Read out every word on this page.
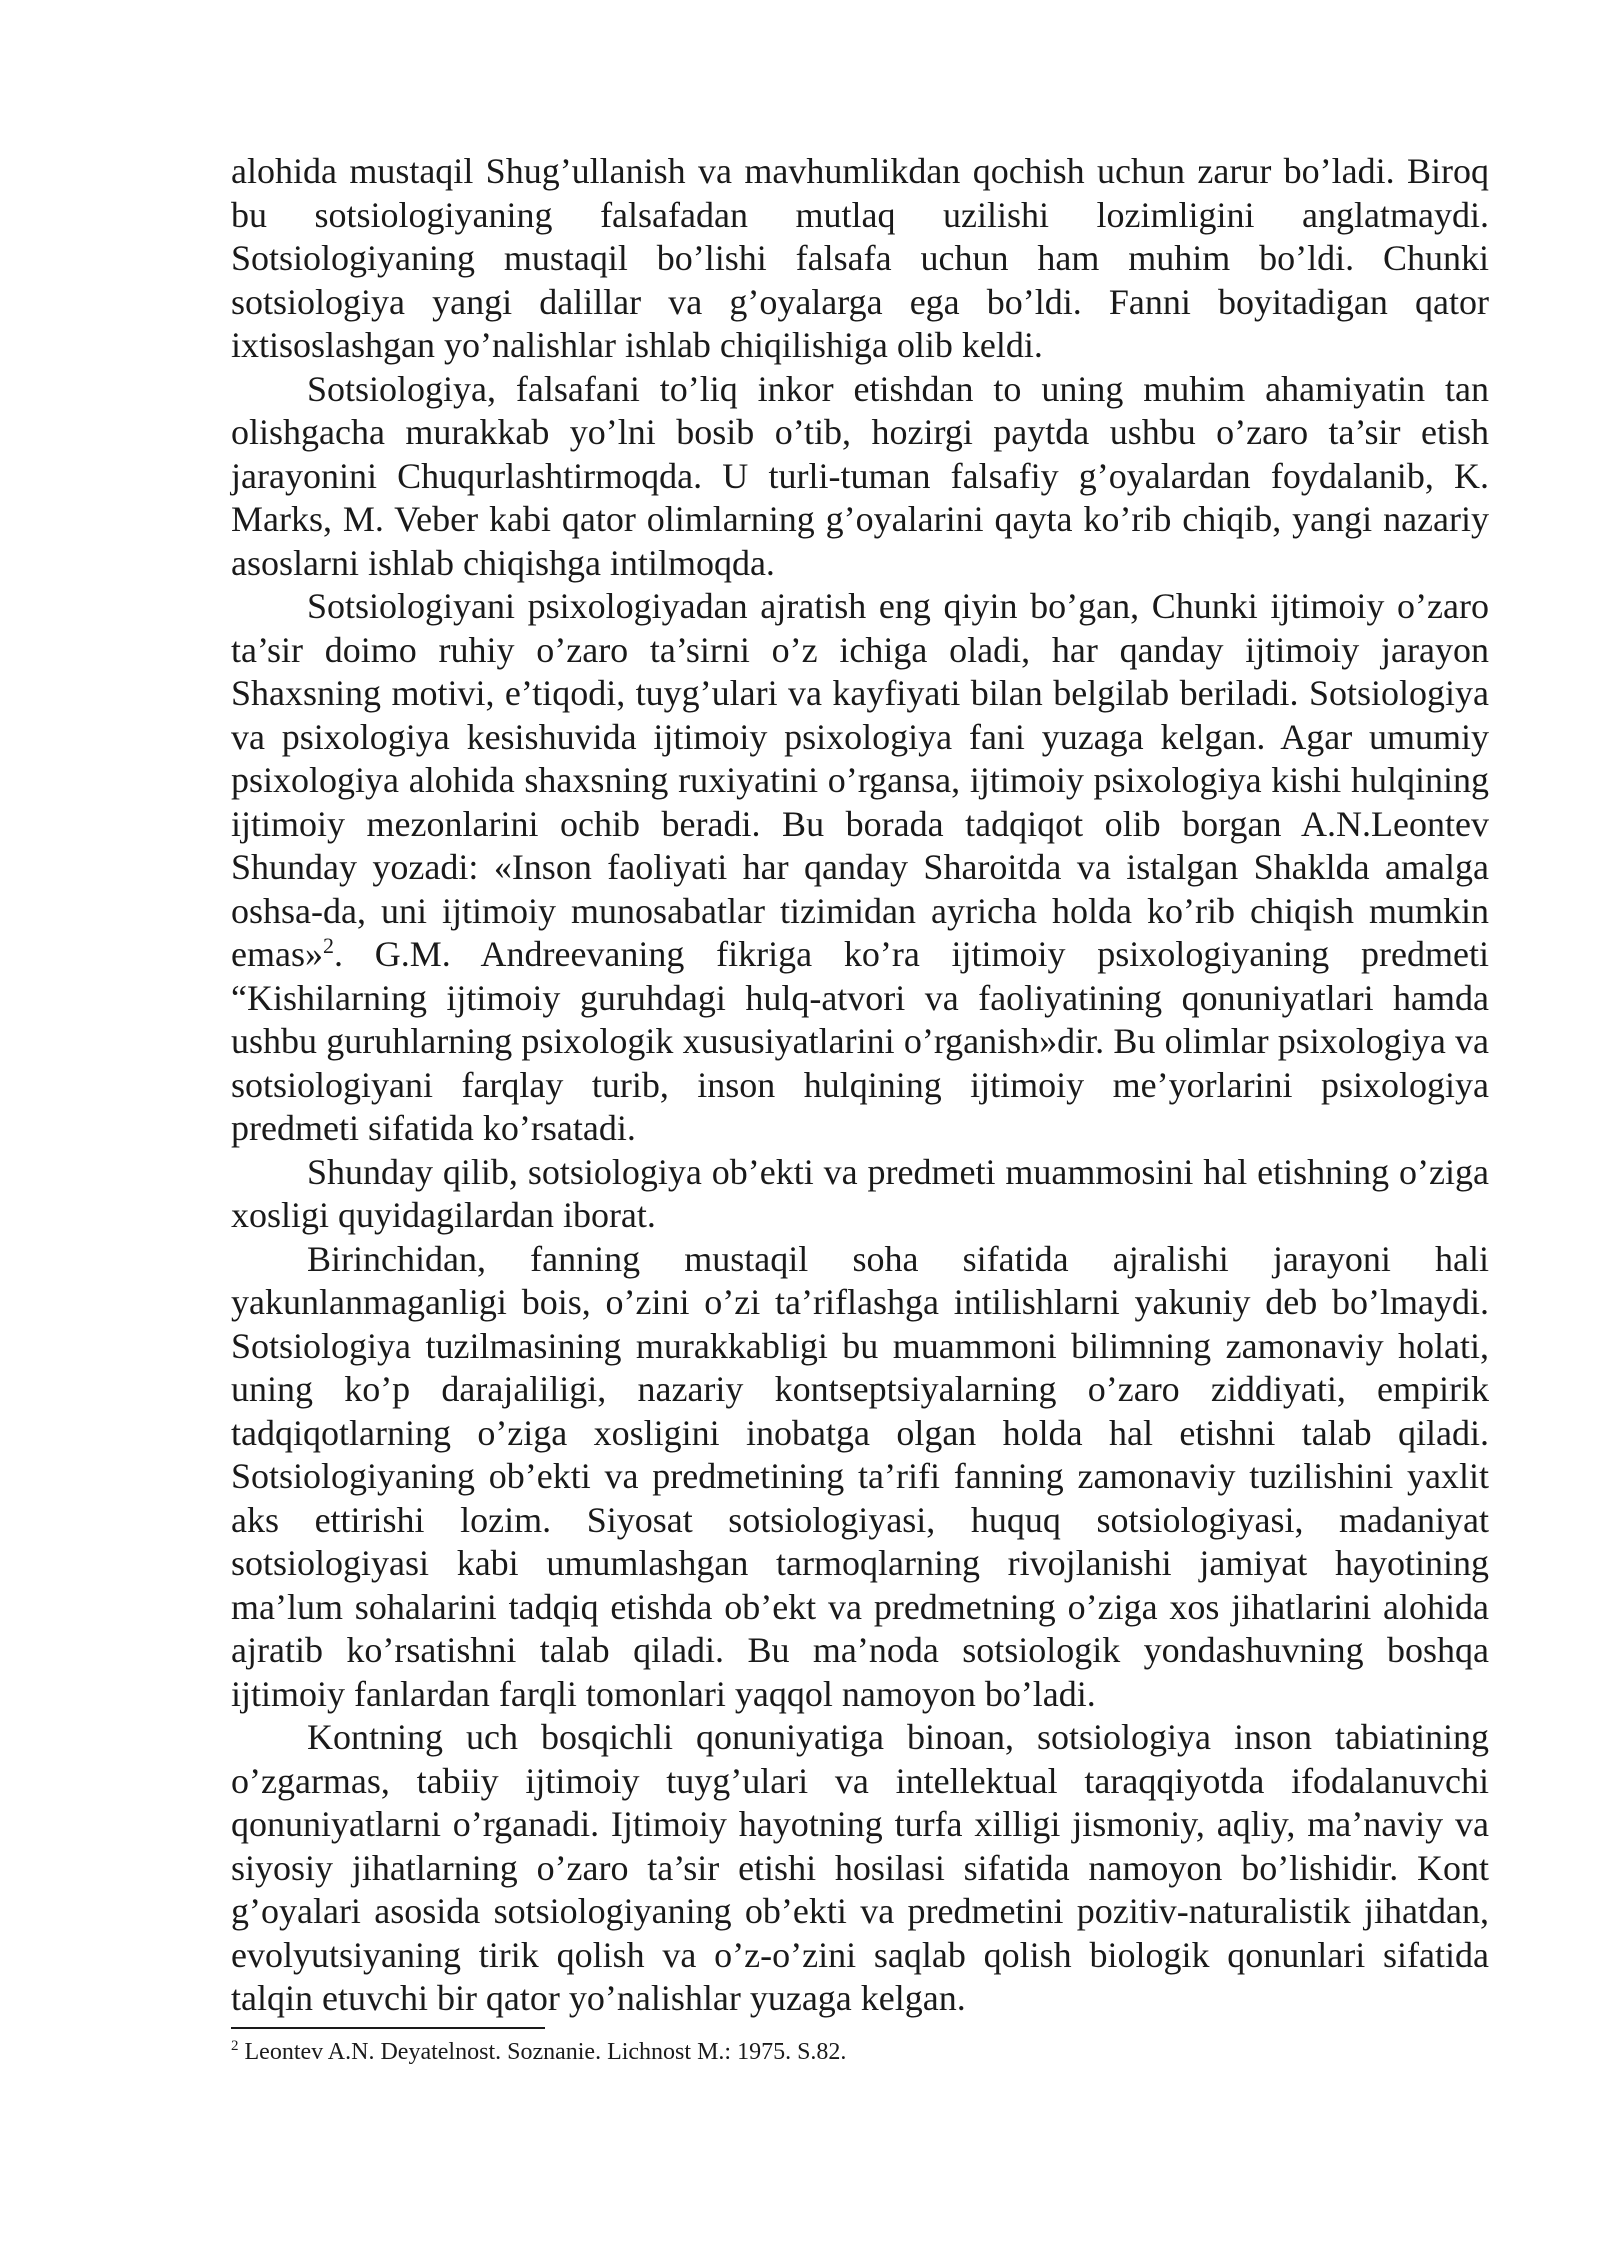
alohida mustaqil Shug’ullanish va mavhumlikdan qochish uchun zarur bo’ladi. Biroq bu sotsiologiyaning falsafadan mutlaq uzilishi lozimligini anglatmaydi. Sotsiologiyaning mustaqil bo’lishi falsafa uchun ham muhim bo’ldi. Chunki sotsiologiya yangi dalillar va g’oyalarga ega bo’ldi. Fanni boyitadigan qator ixtisoslashgan yo’nalishlar ishlab chiqilishiga olib keldi.

Sotsiologiya, falsafani to’liq inkor etishdan to uning muhim ahamiyatin tan olishgacha murakkab yo’lni bosib o’tib, hozirgi paytda ushbu o’zaro ta’sir etish jarayonini Chuqurlashtirmoqda. U turli-tuman falsafiy g’oyalardan foydalanib, K. Marks, M. Veber kabi qator olimlarning g’oyalarini qayta ko’rib chiqib, yangi nazariy asoslarni ishlab chiqishga intilmoqda.

Sotsiologiyani psixologiyadan ajratish eng qiyin bo’gan, Chunki ijtimoiy o’zaro ta’sir doimo ruhiy o’zaro ta’sirni o’z ichiga oladi, har qanday ijtimoiy jarayon Shaxsning motivi, e’tiqodi, tuyg’ulari va kayfiyati bilan belgilab beriladi. Sotsiologiya va psixologiya kesishuvida ijtimoiy psixologiya fani yuzaga kelgan. Agar umumiy psixologiya alohida shaxsning ruxiyatini o’rgansa, ijtimoiy psixologiya kishi hulqining ijtimoiy mezonlarini ochib beradi. Bu borada tadqiqot olib borgan A.N.Leontev Shunday yozadi: «Inson faoliyati har qanday Sharoitda va istalgan Shaklda amalga oshsa-da, uni ijtimoiy munosabatlar tizimidan ayricha holda ko’rib chiqish mumkin emas»$^2$. G.M. Andreevaning fikriga ko’ra ijtimoiy psixologiyaning predmeti “Kishilarning ijtimoiy guruhdagi hulq-atvori va faoliyatining qonuniyatlari hamda ushbu guruhlarning psixologik xususiyatlarini o’rganish»dir. Bu olimlar psixologiya va sotsiologiyani farqlay turib, inson hulqining ijtimoiy me’yorlarini psixologiya predmeti sifatida ko’rsatadi.

Shunday qilib, sotsiologiya ob’ekti va predmeti muammosini hal etishning o’ziga xosligi quyidagilardan iborat.

Birinchidan, fanning mustaqil soha sifatida ajralishi jarayoni hali yakunlanmaganligi bois, o’zini o’zi ta’riflashga intilishlarni yakuniy deb bo’lmaydi. Sotsiologiya tuzilmasining murakkabligi bu muammoni bilimning zamonaviy holati, uning ko’p darajaliligi, nazariy kontseptsiyalarning o’zaro ziddiyati, empirik tadqiqotlarning o’ziga xosligini inobatga olgan holda hal etishni talab qiladi. Sotsiologiyaning ob’ekti va predmetining ta’rifi fanning zamonaviy tuzilishini yaxlit aks ettirishi lozim. Siyosat sotsiologiyasi, huquq sotsiologiyasi, madaniyat sotsiologiyasi kabi umumlashgan tarmoqlarning rivojlanishi jamiyat hayotining ma’lum sohalarini tadqiq etishda ob’ekt va predmetning o’ziga xos jihatlarini alohida ajratib ko’rsatishni talab qiladi. Bu ma’noda sotsiologik yondashuvning boshqa ijtimoiy fanlardan farqli tomonlari yaqqol namoyon bo’ladi.

Kontning uch bosqichli qonuniyatiga binoan, sotsiologiya inson tabiatining o’zgarmas, tabiiy ijtimoiy tuyg’ulari va intellektual taraqqiyotda ifodalanuvchi qonuniyatlarni o’rganadi. Ijtimoiy hayotning turfa xilligi jismoniy, aqliy, ma’naviy va siyosiy jihatlarning o’zaro ta’sir etishi hosilasi sifatida namoyon bo’lishidir. Kont g’oyalari asosida sotsiologiyaning ob’ekti va predmetini pozitiv-naturalistik jihatdan, evolyutsiyaning tirik qolish va o’z-o’zini saqlab qolish biologik qonunlari sifatida talqin etuvchi bir qator yo’nalishlar yuzaga kelgan.

$^2$ Leontev A.N. Deyatelnost. Soznanie. Lichnost M.: 1975. S.82.
